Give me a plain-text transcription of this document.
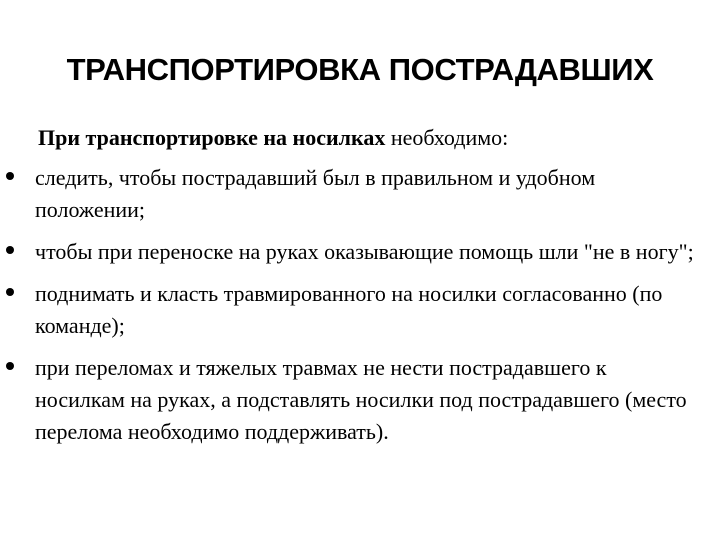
ТРАНСПОРТИРОВКА ПОСТРАДАВШИХ
При транспортировке на носилках необходимо:
следить, чтобы пострадавший был в правильном и удобном положении;
чтобы при переноске на руках оказывающие помощь шли "не в ногу";
поднимать и класть травмированного на носилки согласованно (по команде);
при переломах и тяжелых травмах не нести пострадавшего к носилкам на руках, а подставлять носилки под пострадавшего (место перелома необходимо поддерживать).
